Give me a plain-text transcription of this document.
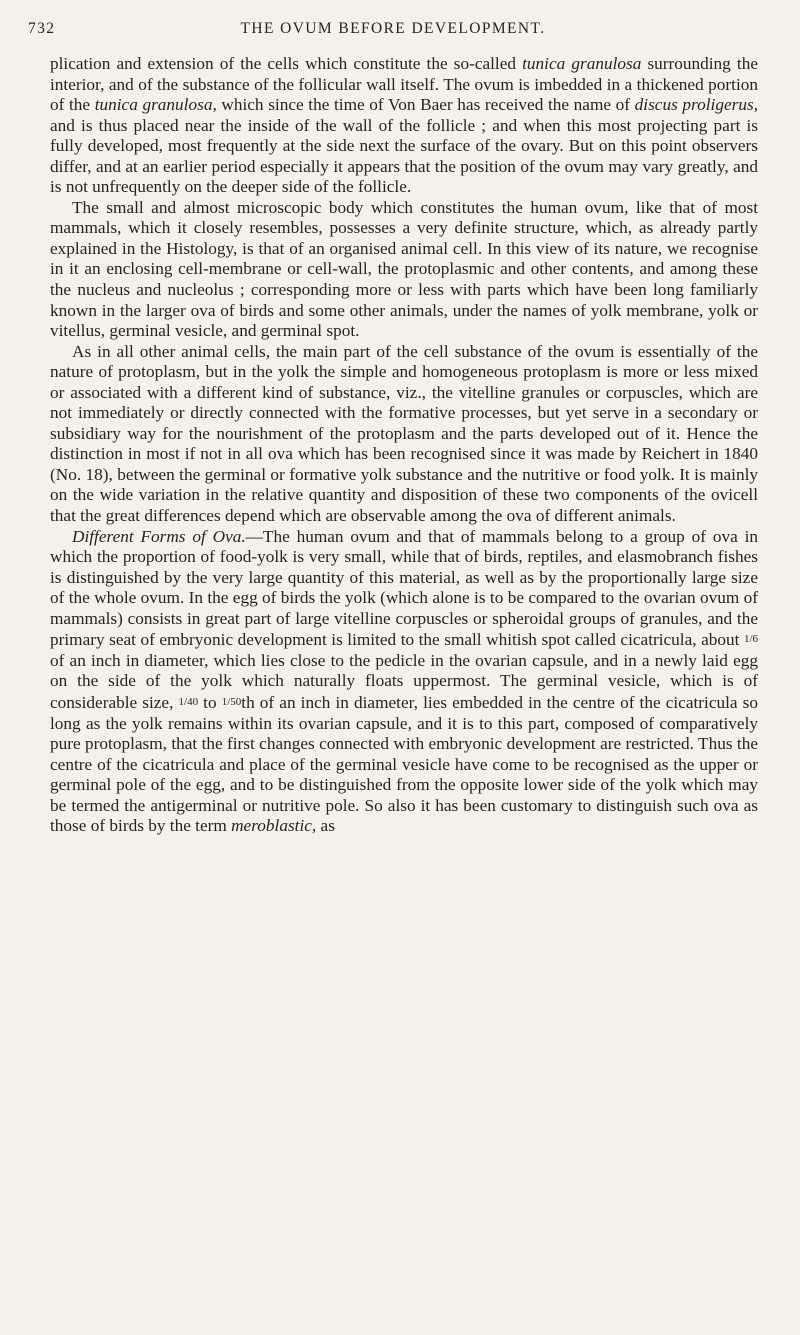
732	THE OVUM BEFORE DEVELOPMENT.

plication and extension of the cells which constitute the so-called tunica granulosa surrounding the interior, and of the substance of the follicular wall itself. The ovum is imbedded in a thickened portion of the tunica granulosa, which since the time of Von Baer has received the name of discus proligerus, and is thus placed near the inside of the wall of the follicle ; and when this most projecting part is fully developed, most frequently at the side next the surface of the ovary. But on this point observers differ, and at an earlier period especially it appears that the position of the ovum may vary greatly, and is not unfrequently on the deeper side of the follicle.

The small and almost microscopic body which constitutes the human ovum, like that of most mammals, which it closely resembles, possesses a very definite structure, which, as already partly explained in the Histology, is that of an organised animal cell. In this view of its nature, we recognise in it an enclosing cell-membrane or cell-wall, the protoplasmic and other contents, and among these the nucleus and nucleolus ; corresponding more or less with parts which have been long familiarly known in the larger ova of birds and some other animals, under the names of yolk membrane, yolk or vitellus, germinal vesicle, and germinal spot.

As in all other animal cells, the main part of the cell substance of the ovum is essentially of the nature of protoplasm, but in the yolk the simple and homogeneous protoplasm is more or less mixed or associated with a different kind of substance, viz., the vitelline granules or corpuscles, which are not immediately or directly connected with the formative processes, but yet serve in a secondary or subsidiary way for the nourishment of the protoplasm and the parts developed out of it. Hence the distinction in most if not in all ova which has been recognised since it was made by Reichert in 1840 (No. 18), between the germinal or formative yolk substance and the nutritive or food yolk. It is mainly on the wide variation in the relative quantity and disposition of these two components of the ovicell that the great differences depend which are observable among the ova of different animals.

Different Forms of Ova.—The human ovum and that of mammals belong to a group of ova in which the proportion of food-yolk is very small, while that of birds, reptiles, and elasmobranch fishes is distinguished by the very large quantity of this material, as well as by the proportionally large size of the whole ovum. In the egg of birds the yolk (which alone is to be compared to the ovarian ovum of mammals) consists in great part of large vitelline corpuscles or spheroidal groups of granules, and the primary seat of embryonic development is limited to the small whitish spot called cicatricula, about 1/6 of an inch in diameter, which lies close to the pedicle in the ovarian capsule, and in a newly laid egg on the side of the yolk which naturally floats uppermost. The germinal vesicle, which is of considerable size, 1/40 to 1/50th of an inch in diameter, lies embedded in the centre of the cicatricula so long as the yolk remains within its ovarian capsule, and it is to this part, composed of comparatively pure protoplasm, that the first changes connected with embryonic development are restricted. Thus the centre of the cicatricula and place of the germinal vesicle have come to be recognised as the upper or germinal pole of the egg, and to be distinguished from the opposite lower side of the yolk which may be termed the antigerminal or nutritive pole. So also it has been customary to distinguish such ova as those of birds by the term meroblastic, as
